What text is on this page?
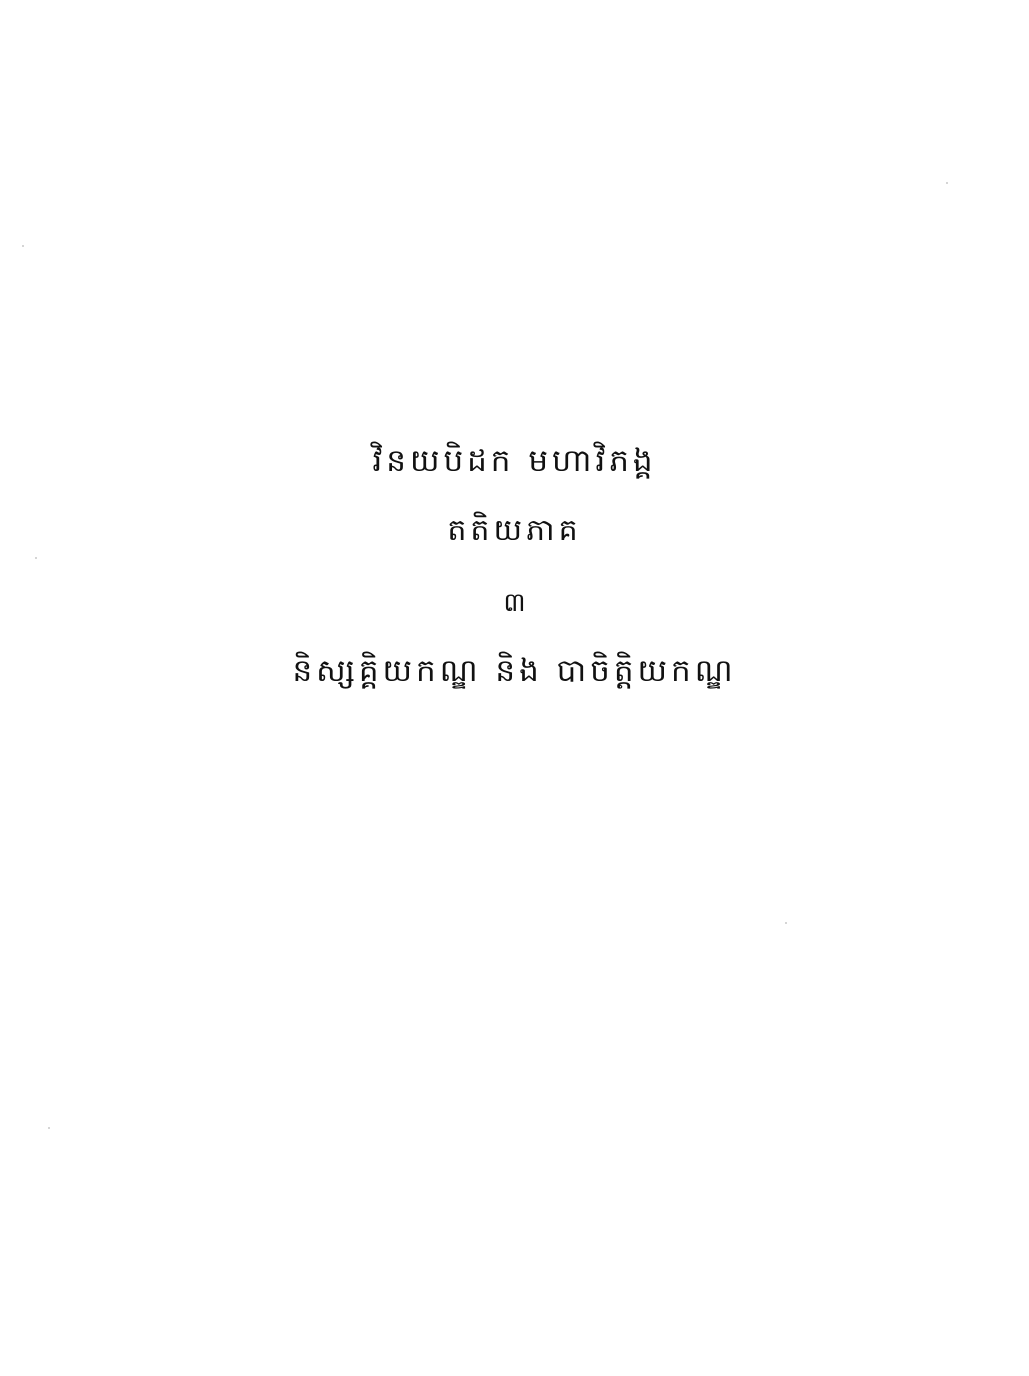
វិនយបិដក មហាវិភង្គ
តតិយភាគ
៣
និស្សគ្គិយកណ្ឌ និង បាចិត្តិយកណ្ឌ
